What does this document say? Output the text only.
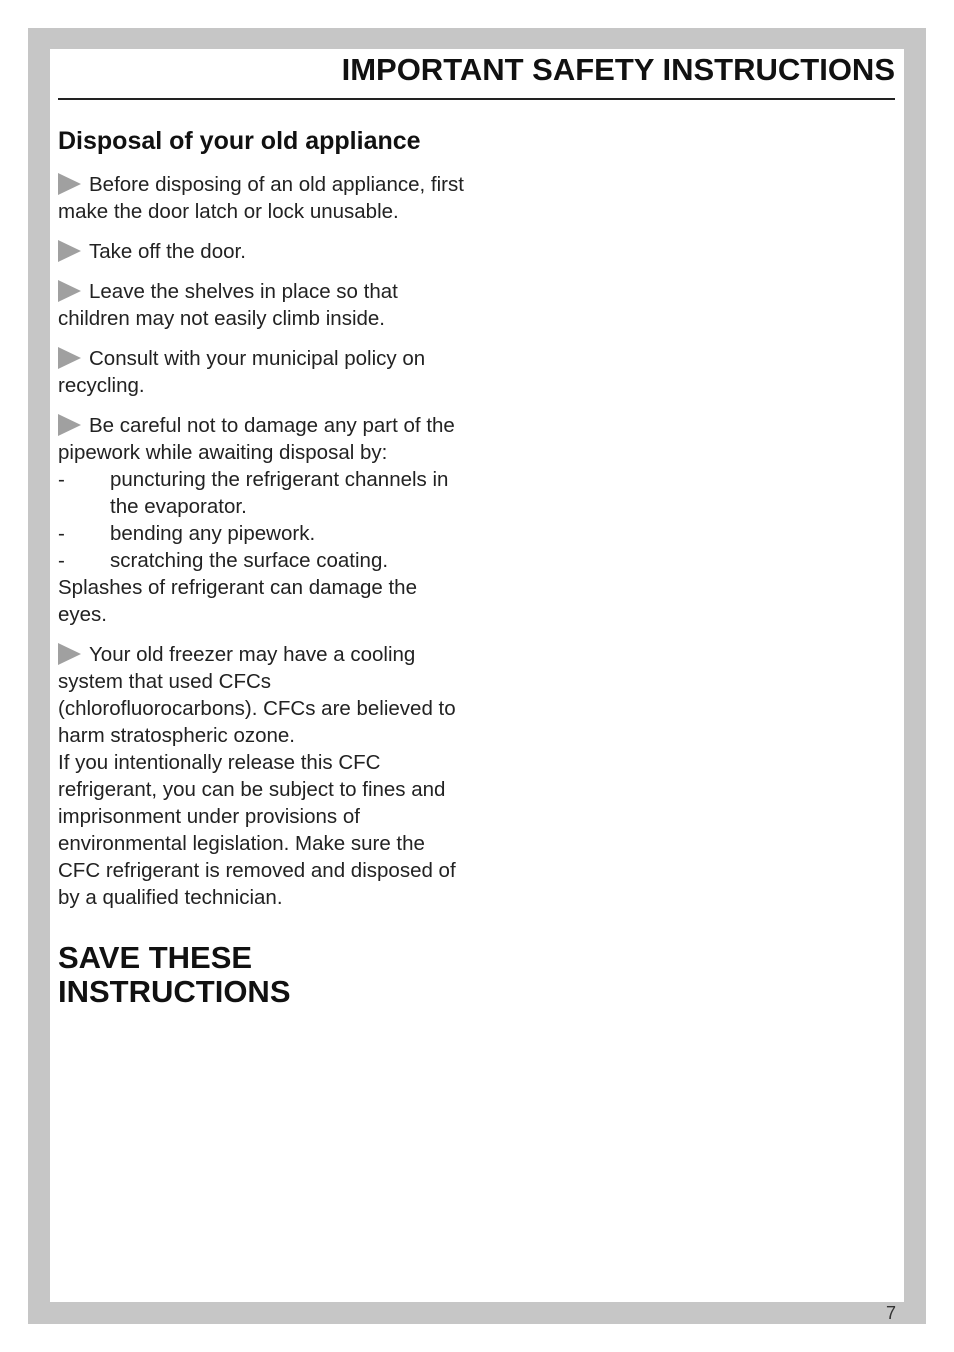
IMPORTANT SAFETY INSTRUCTIONS
Disposal of your old appliance

Before disposing of an old appliance, first make the door latch or lock unusable.

Take off the door.

Leave the shelves in place so that children may not easily climb inside.

Consult with your municipal policy on recycling.

Be careful not to damage any part of the pipework while awaiting disposal by:
-	puncturing the refrigerant channels in the evaporator.
-	bending any pipework.
-	scratching the surface coating.
Splashes of refrigerant can damage the eyes.
Your old freezer may have a cooling system that used CFCs (chlorofluorocarbons). CFCs are believed to harm stratospheric ozone.
If you intentionally release this CFC refrigerant, you can be subject to fines and imprisonment under provisions of environmental legislation. Make sure the CFC refrigerant is removed and disposed of by a qualified technician.
SAVE THESE INSTRUCTIONS
7
